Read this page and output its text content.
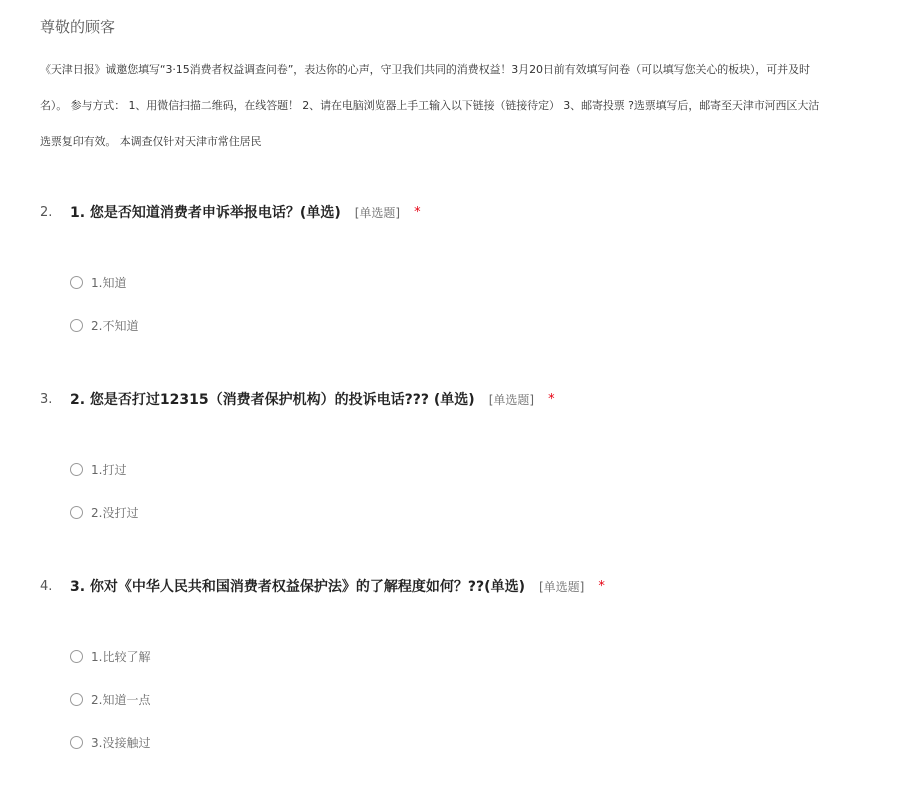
尊敬的顾客
《天津日报》诚邀您填写“3·15消费者权益调查问卷”，表达你的心声，守卫我们共同的消费权益！3月20日前有效填写问卷（可以填写您关心的板块），可并及时
名）。 参与方式： 1、用微信扫描二维码，在线答题！ 2、请在电脑浏览器上手工输入以下链接（链接待定） 3、邮寄投票 ?选票填写后，邮寄至天津市河西区大沽
选票复印有效。 本调查仅针对天津市常住居民
2.	1. 您是否知道消费者申诉举报电话？(单选) [单选题] *
1.知道
2.不知道
3.	2. 您是否打过12315（消费者保护机构）的投诉电话??? (单选) [单选题] *
1.打过
2.没打过
4.	3. 你对《中华人民共和国消费者权益保护法》的了解程度如何？??(单选) [单选题] *
1.比较了解
2.知道一点
3.没接触过
